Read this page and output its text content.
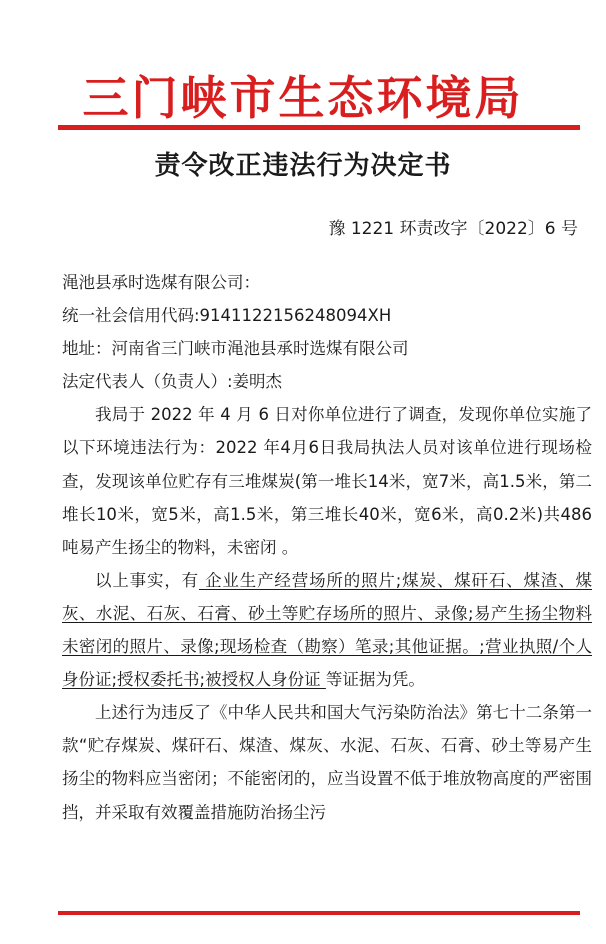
三门峡市生态环境局
责令改正违法行为决定书
豫 1221 环责改字〔2022〕6 号

渑池县承时选煤有限公司：

统一社会信用代码:9141122156248094XH

地址：河南省三门峡市渑池县承时选煤有限公司

法定代表人（负责人）:姜明杰

我局于 2022 年 4 月 6 日对你单位进行了调查，发现你单位实施了以下环境违法行为：2022 年4月6日我局执法人员对该单位进行现场检查，发现该单位贮存有三堆煤炭(第一堆长14米，宽7米，高1.5米，第二堆长10米，宽5米，高1.5米，第三堆长40米，宽6米，高0.2米)共486吨易产生扬尘的物料，未密闭 。

以上事实，有 企业生产经营场所的照片;煤炭、煤矸石、煤渣、煤灰、水泥、石灰、石膏、砂土等贮存场所的照片、录像;易产生扬尘物料未密闭的照片、录像;现场检查（勘察）笔录;其他证据。;营业执照/个人身份证;授权委托书;被授权人身份证 等证据为凭。

上述行为违反了《中华人民共和国大气污染防治法》第七十二条第一款“贮存煤炭、煤矸石、煤渣、煤灰、水泥、石灰、石膏、砂土等易产生扬尘的物料应当密闭；不能密闭的，应当设置不低于堆放物高度的严密围挡，并采取有效覆盖措施防治扬尘污
